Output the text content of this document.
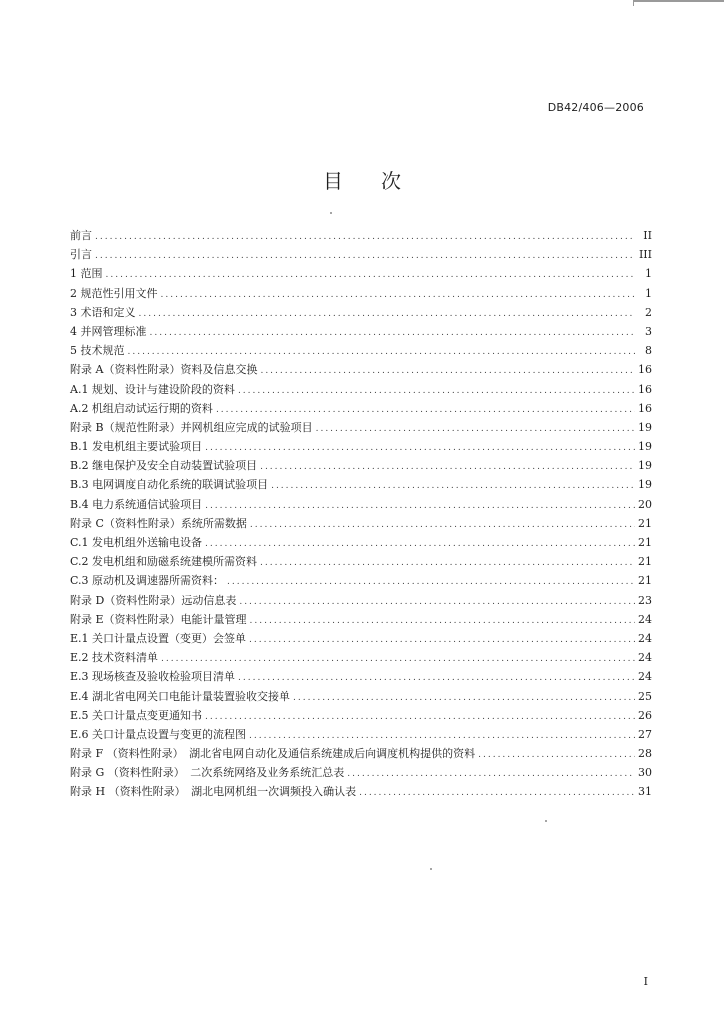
DB42/406—2006
目次
前言 .....	II
引言 .....	III
1 范围 .....	1
2 规范性引用文件 .....	1
3 术语和定义 .....	2
4 并网管理标准 .....	3
5 技术规范 .....	8
附录 A（资料性附录）资料及信息交换 .....	16
A.1 规划、设计与建设阶段的资料 .....	16
A.2 机组启动试运行期的资料 .....	16
附录 B（规范性附录）并网机组应完成的试验项目 .....	19
B.1 发电机组主要试验项目 .....	19
B.2 继电保护及安全自动装置试验项目 .....	19
B.3 电网调度自动化系统的联调试验项目 .....	19
B.4 电力系统通信试验项目 .....	20
附录 C（资料性附录）系统所需数据 .....	21
C.1 发电机组外送输电设备 .....	21
C.2 发电机组和励磁系统建模所需资料 .....	21
C.3 原动机及调速器所需资料： .....	21
附录 D（资料性附录）远动信息表 .....	23
附录 E（资料性附录）电能计量管理 .....	24
E.1 关口计量点设置（变更）会签单 .....	24
E.2 技术资料清单 .....	24
E.3 现场核查及验收检验项目清单 .....	24
E.4 湖北省电网关口电能计量装置验收交接单 .....	25
E.5 关口计量点变更通知书 .....	26
E.6 关口计量点设置与变更的流程图 .....	27
附录 F （资料性附录）　湖北省电网自动化及通信系统建成后向调度机构提供的资料 .....	28
附录 G （资料性附录）　二次系统网络及业务系统汇总表 .....	30
附录 H （资料性附录）　湖北电网机组一次调频投入确认表 .....	31
I
